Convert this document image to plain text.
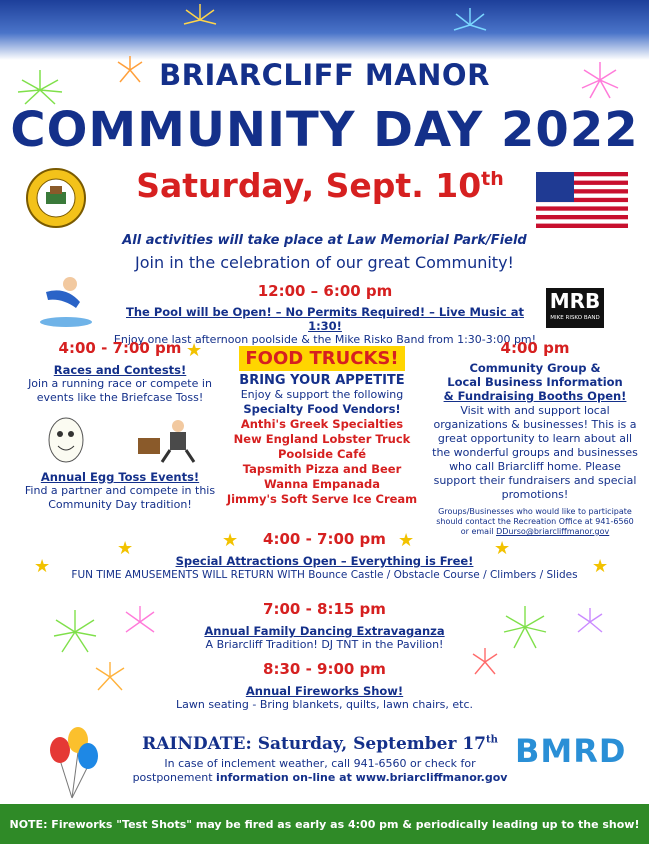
BRIARCLIFF MANOR
COMMUNITY DAY 2022
Saturday, Sept. 10th
All activities will take place at Law Memorial Park/Field
Join in the celebration of our great Community!
12:00 – 6:00 pm
The Pool will be Open! – No Permits Required! – Live Music at 1:30!
Enjoy one last afternoon poolside & the Mike Risko Band from 1:30-3:00 pm!
MRB
MIKE RISKO BAND
4:00 - 7:00 pm
Races and Contests!
Join a running race or compete in events like the Briefcase Toss!
★
Annual Egg Toss Events!
Find a partner and compete in this Community Day tradition!
FOOD TRUCKS!
BRING YOUR APPETITE
Enjoy & support the following
Specialty Food Vendors!
Anthi's Greek Specialties
New England Lobster Truck
Poolside Café
Tapsmith Pizza and Beer
Wanna Empanada
Jimmy's Soft Serve Ice Cream
4:00 pm
Community Group &
Local Business Information
& Fundraising Booths Open!
Visit with and support local organizations & businesses! This is a great opportunity to learn about all the wonderful groups and businesses who call Briarcliff home. Please support their fundraisers and special promotions!
Groups/Businesses who would like to participate should contact the Recreation Office at 941-6560 or email DDurso@briarcliffmanor.gov
★	★	★	★
★	★
4:00 - 7:00 pm
Special Attractions Open – Everything is Free!
FUN TIME AMUSEMENTS WILL RETURN WITH Bounce Castle / Obstacle Course / Climbers / Slides
7:00 - 8:15 pm
Annual Family Dancing Extravaganza
A Briarcliff Tradition! DJ TNT in the Pavilion!
8:30 - 9:00 pm
Annual Fireworks Show!
Lawn seating - Bring blankets, quilts, lawn chairs, etc.
RAINDATE: Saturday, September 17th
In case of inclement weather, call 941-6560 or check for
postponement information on-line at www.briarcliffmanor.gov
BMRD
NOTE: Fireworks "Test Shots" may be fired as early as 4:00 pm & periodically leading up to the show!
